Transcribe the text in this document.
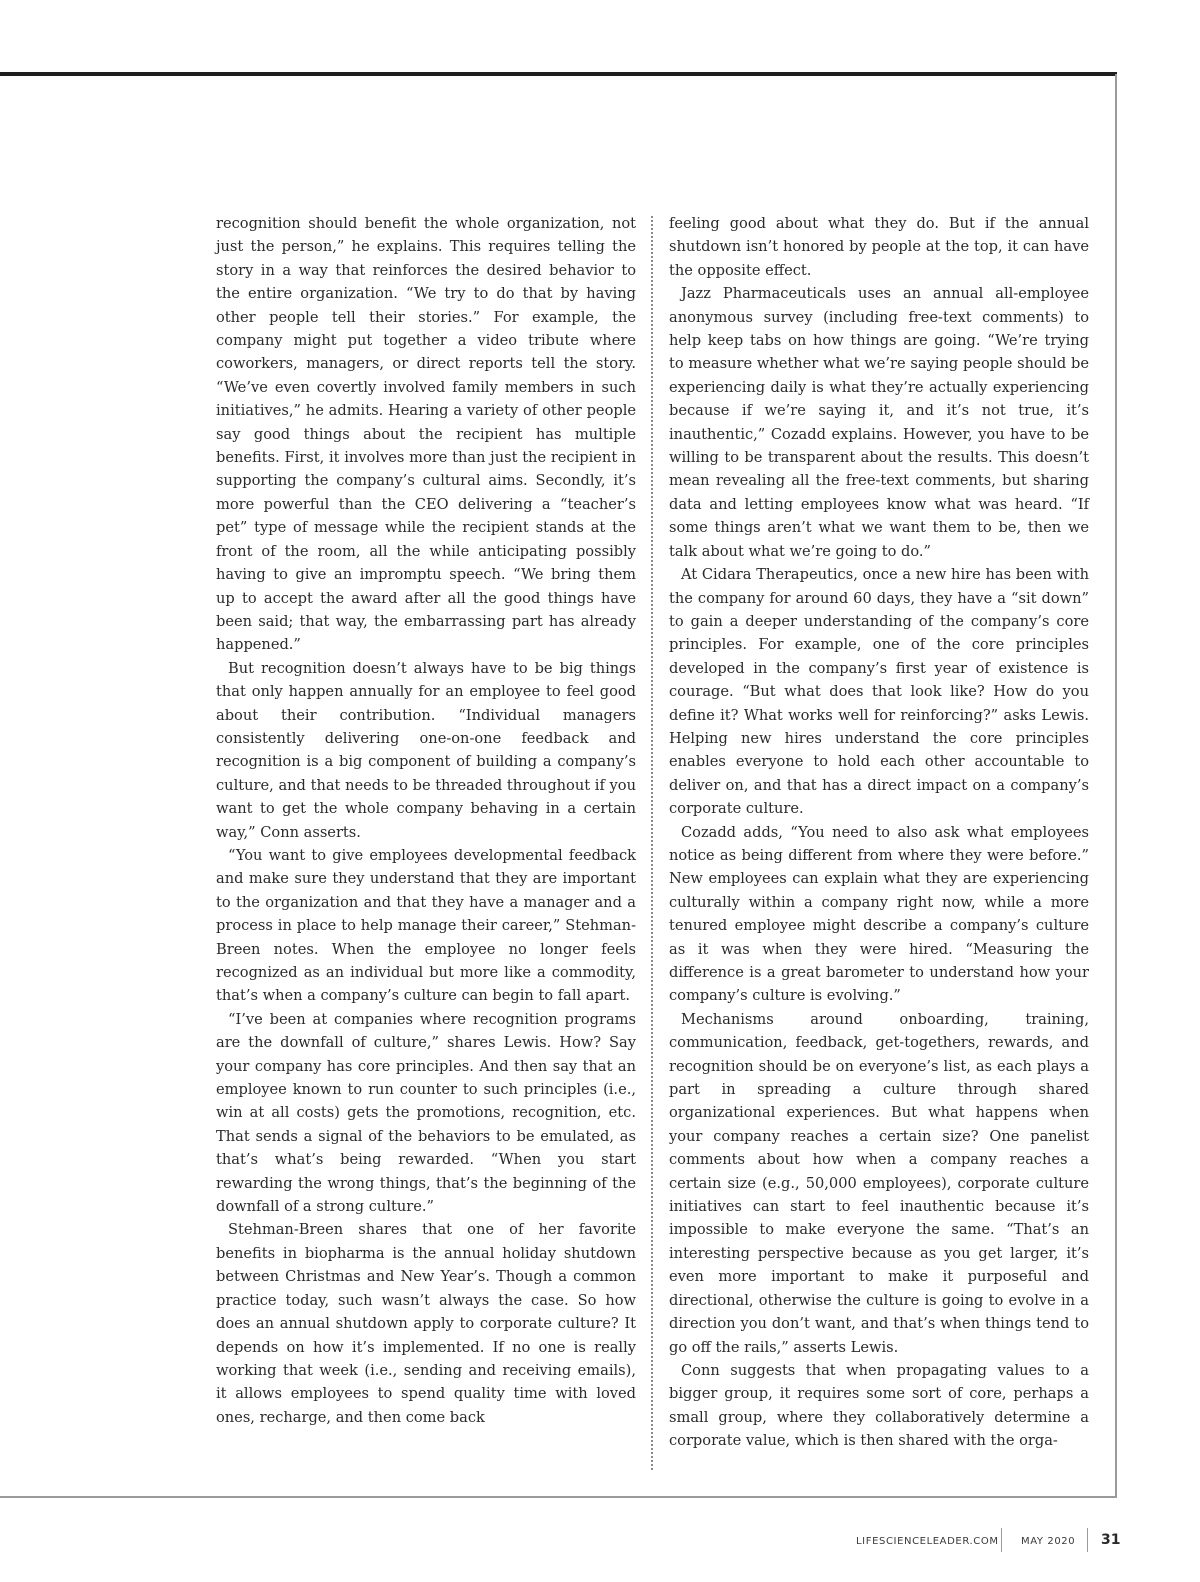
recognition should benefit the whole organization, not just the person,” he explains. This requires telling the story in a way that reinforces the desired behavior to the entire organization. “We try to do that by having other people tell their stories.” For example, the company might put together a video tribute where coworkers, managers, or direct reports tell the story. “We’ve even covertly involved family members in such initiatives,” he admits. Hearing a variety of other people say good things about the recipient has multiple benefits. First, it involves more than just the recipient in supporting the company’s cultural aims. Secondly, it’s more powerful than the CEO delivering a “teacher’s pet” type of message while the recipient stands at the front of the room, all the while anticipating possibly having to give an impromptu speech. “We bring them up to accept the award after all the good things have been said; that way, the embarrassing part has already happened.”

But recognition doesn’t always have to be big things that only happen annually for an employee to feel good about their contribution. “Individual managers consistently delivering one-on-one feedback and recognition is a big component of building a company’s culture, and that needs to be threaded throughout if you want to get the whole company behaving in a certain way,” Conn asserts.

“You want to give employees developmental feedback and make sure they understand that they are important to the organization and that they have a manager and a process in place to help manage their career,” Stehman-Breen notes. When the employee no longer feels recognized as an individual but more like a commodity, that’s when a company’s culture can begin to fall apart.

“I’ve been at companies where recognition programs are the downfall of culture,” shares Lewis. How? Say your company has core principles. And then say that an employee known to run counter to such principles (i.e., win at all costs) gets the promotions, recognition, etc. That sends a signal of the behaviors to be emulated, as that’s what’s being rewarded. “When you start rewarding the wrong things, that’s the beginning of the downfall of a strong culture.”

Stehman-Breen shares that one of her favorite benefits in biopharma is the annual holiday shutdown between Christmas and New Year’s. Though a common practice today, such wasn’t always the case. So how does an annual shutdown apply to corporate culture? It depends on how it’s implemented. If no one is really working that week (i.e., sending and receiving emails), it allows employees to spend quality time with loved ones, recharge, and then come back

feeling good about what they do. But if the annual shutdown isn’t honored by people at the top, it can have the opposite effect.

Jazz Pharmaceuticals uses an annual all-employee anonymous survey (including free-text comments) to help keep tabs on how things are going. “We’re trying to measure whether what we’re saying people should be experiencing daily is what they’re actually experiencing because if we’re saying it, and it’s not true, it’s inauthentic,” Cozadd explains. However, you have to be willing to be transparent about the results. This doesn’t mean revealing all the free-text comments, but sharing data and letting employees know what was heard. “If some things aren’t what we want them to be, then we talk about what we’re going to do.”

At Cidara Therapeutics, once a new hire has been with the company for around 60 days, they have a “sit down” to gain a deeper understanding of the company’s core principles. For example, one of the core principles developed in the company’s first year of existence is courage. “But what does that look like? How do you define it? What works well for reinforcing?” asks Lewis. Helping new hires understand the core principles enables everyone to hold each other accountable to deliver on, and that has a direct impact on a company’s corporate culture.

Cozadd adds, “You need to also ask what employees notice as being different from where they were before.” New employees can explain what they are experiencing culturally within a company right now, while a more tenured employee might describe a company’s culture as it was when they were hired. “Measuring the difference is a great barometer to understand how your company’s culture is evolving.”

Mechanisms around onboarding, training, communication, feedback, get-togethers, rewards, and recognition should be on everyone’s list, as each plays a part in spreading a culture through shared organizational experiences. But what happens when your company reaches a certain size? One panelist comments about how when a company reaches a certain size (e.g., 50,000 employees), corporate culture initiatives can start to feel inauthentic because it’s impossible to make everyone the same. “That’s an interesting perspective because as you get larger, it’s even more important to make it purposeful and directional, otherwise the culture is going to evolve in a direction you don’t want, and that’s when things tend to go off the rails,” asserts Lewis.

Conn suggests that when propagating values to a bigger group, it requires some sort of core, perhaps a small group, where they collaboratively determine a corporate value, which is then shared with the orga-

LIFESCIENCELEADER.COM MAY 2020 31
